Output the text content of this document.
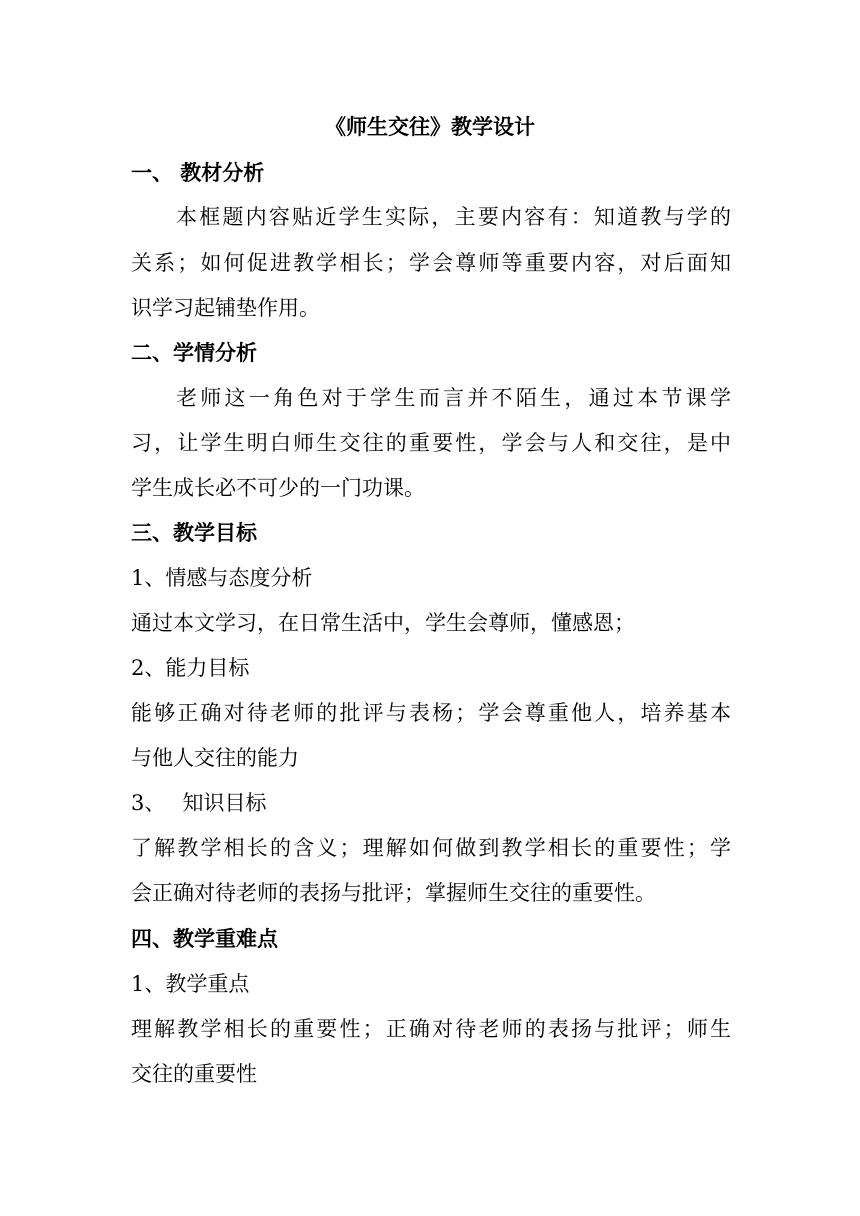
《师生交往》教学设计
一、 教材分析
本框题内容贴近学生实际，主要内容有：知道教与学的
关系；如何促进教学相长；学会尊师等重要内容，对后面知
识学习起铺垫作用。
二、学情分析
老师这一角色对于学生而言并不陌生，通过本节课学
习，让学生明白师生交往的重要性，学会与人和交往，是中
学生成长必不可少的一门功课。
三、教学目标
1、情感与态度分析
通过本文学习，在日常生活中，学生会尊师，懂感恩；
2、能力目标
能够正确对待老师的批评与表杨；学会尊重他人，培养基本
与他人交往的能力
3、　 知识目标
了解教学相长的含义；理解如何做到教学相长的重要性；学
会正确对待老师的表扬与批评；掌握师生交往的重要性。
四、教学重难点
1、教学重点
理解教学相长的重要性；正确对待老师的表扬与批评；师生
交往的重要性
